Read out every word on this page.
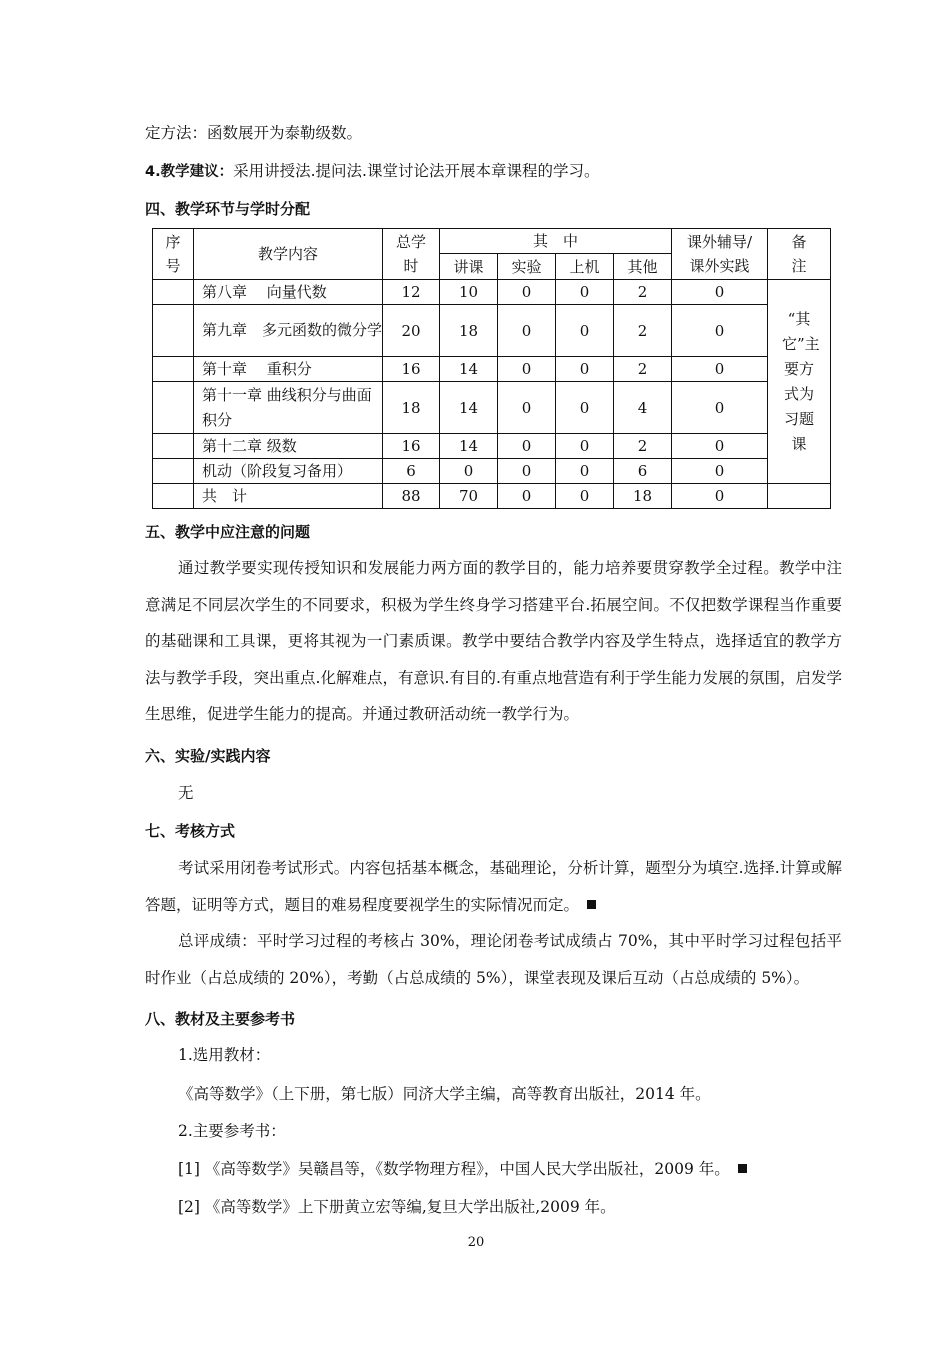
定方法：函数展开为泰勒级数。
4.教学建议：采用讲授法.提问法.课堂讨论法开展本章课程的学习。
四、教学环节与学时分配
序号	教学内容	总学时	其　中				课外辅导/课外实践	备注
			讲课	实验	上机	其他		
	第八章　 向量代数	12	10	0	0	2	0	“其它”主要方式为习题课
	第九章　多元函数的微分学	20	18	0	0	2	0	
	第十章　 重积分	16	14	0	0	2	0	
	第十一章 曲线积分与曲面积分	18	14	0	0	4	0	
	第十二章 级数	16	14	0	0	2	0	
	机动（阶段复习备用）	6	0	0	0	6	0	
	共　计	88	70	0	0	18	0	
五、教学中应注意的问题

通过教学要实现传授知识和发展能力两方面的教学目的，能力培养要贯穿教学全过程。教学中注意满足不同层次学生的不同要求，积极为学生终身学习搭建平台.拓展空间。不仅把数学课程当作重要的基础课和工具课，更将其视为一门素质课。教学中要结合教学内容及学生特点，选择适宜的教学方法与教学手段，突出重点.化解难点，有意识.有目的.有重点地营造有利于学生能力发展的氛围，启发学生思维，促进学生能力的提高。并通过教研活动统一教学行为。

六、实验/实践内容
无
七、考核方式

考试采用闭卷考试形式。内容包括基本概念，基础理论，分析计算，题型分为填空.选择.计算或解答题，证明等方式，题目的难易程度要视学生的实际情况而定。

总评成绩：平时学习过程的考核占 30%，理论闭卷考试成绩占 70%，其中平时学习过程包括平时作业（占总成绩的 20%），考勤（占总成绩的 5%），课堂表现及课后互动（占总成绩的 5%）。

八、教材及主要参考书
1.选用教材：
《高等数学》（上下册，第七版）同济大学主编，高等教育出版社，2014 年。
2.主要参考书：
[1] 《高等数学》吴赣昌等，《数学物理方程》，中国人民大学出版社，2009 年。
[2] 《高等数学》上下册黄立宏等编,复旦大学出版社,2009 年。
20
